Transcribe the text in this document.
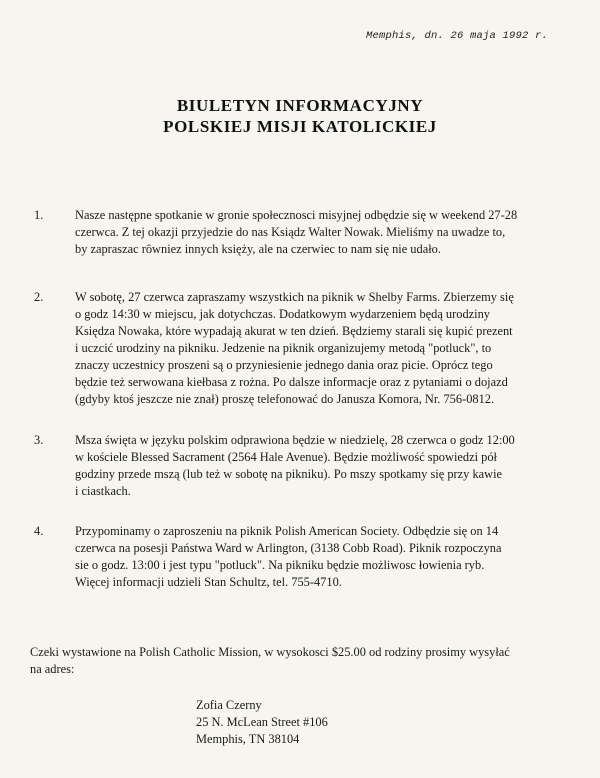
Memphis, dn. 26 maja 1992 r.
BIULETYN INFORMACYJNY
POLSKIEJ MISJI KATOLICKIEJ
1.	Nasze następne spotkanie w gronie społecznosci misyjnej odbędzie się w weekend 27-28
czerwca. Z tej okazji przyjedzie do nas Ksiądz Walter Nowak. Mieliśmy na uwadze to,
by zapraszac rôwniez innych księży, ale na czerwiec to nam się nie udało.
2.	W sobotę, 27 czerwca zapraszamy wszystkich na piknik w Shelby Farms. Zbierzemy się
o godz 14:30 w miejscu, jak dotychczas. Dodatkowym wydarzeniem będą urodziny
Księdza Nowaka, które wypadają akurat w ten dzień. Będziemy starali się kupić prezent
i uczcić urodziny na pikniku. Jedzenie na piknik organizujemy metodą "potluck", to
znaczy uczestnicy proszeni są o przyniesienie jednego dania oraz picie. Oprócz tego
będzie też serwowana kiełbasa z rożna. Po dalsze informacje oraz z pytaniami o dojazd
(gdyby ktoś jeszcze nie znał) proszę telefonować do Janusza Komora, Nr. 756-0812.
3.	Msza święta w języku polskim odprawiona będzie w niedzielę, 28 czerwca o godz 12:00
w kościele Blessed Sacrament (2564 Hale Avenue). Będzie możliwość spowiedzi pół
godziny przede mszą (lub też w sobotę na pikniku). Po mszy spotkamy się przy kawie
i ciastkach.
4.	Przypominamy o zaproszeniu na piknik Polish American Society. Odbędzie się on 14
czerwca na posesji Państwa Ward w Arlington, (3138 Cobb Road). Piknik rozpoczyna
sie o godz. 13:00 i jest typu "potluck". Na pikniku będzie możliwosc łowienia ryb.
Więcej informacji udzieli Stan Schultz, tel. 755-4710.
Czeki wystawione na Polish Catholic Mission, w wysokosci $25.00 od rodziny prosimy wysyłać
na adres:
Zofia Czerny
25 N. McLean Street #106
Memphis, TN 38104
